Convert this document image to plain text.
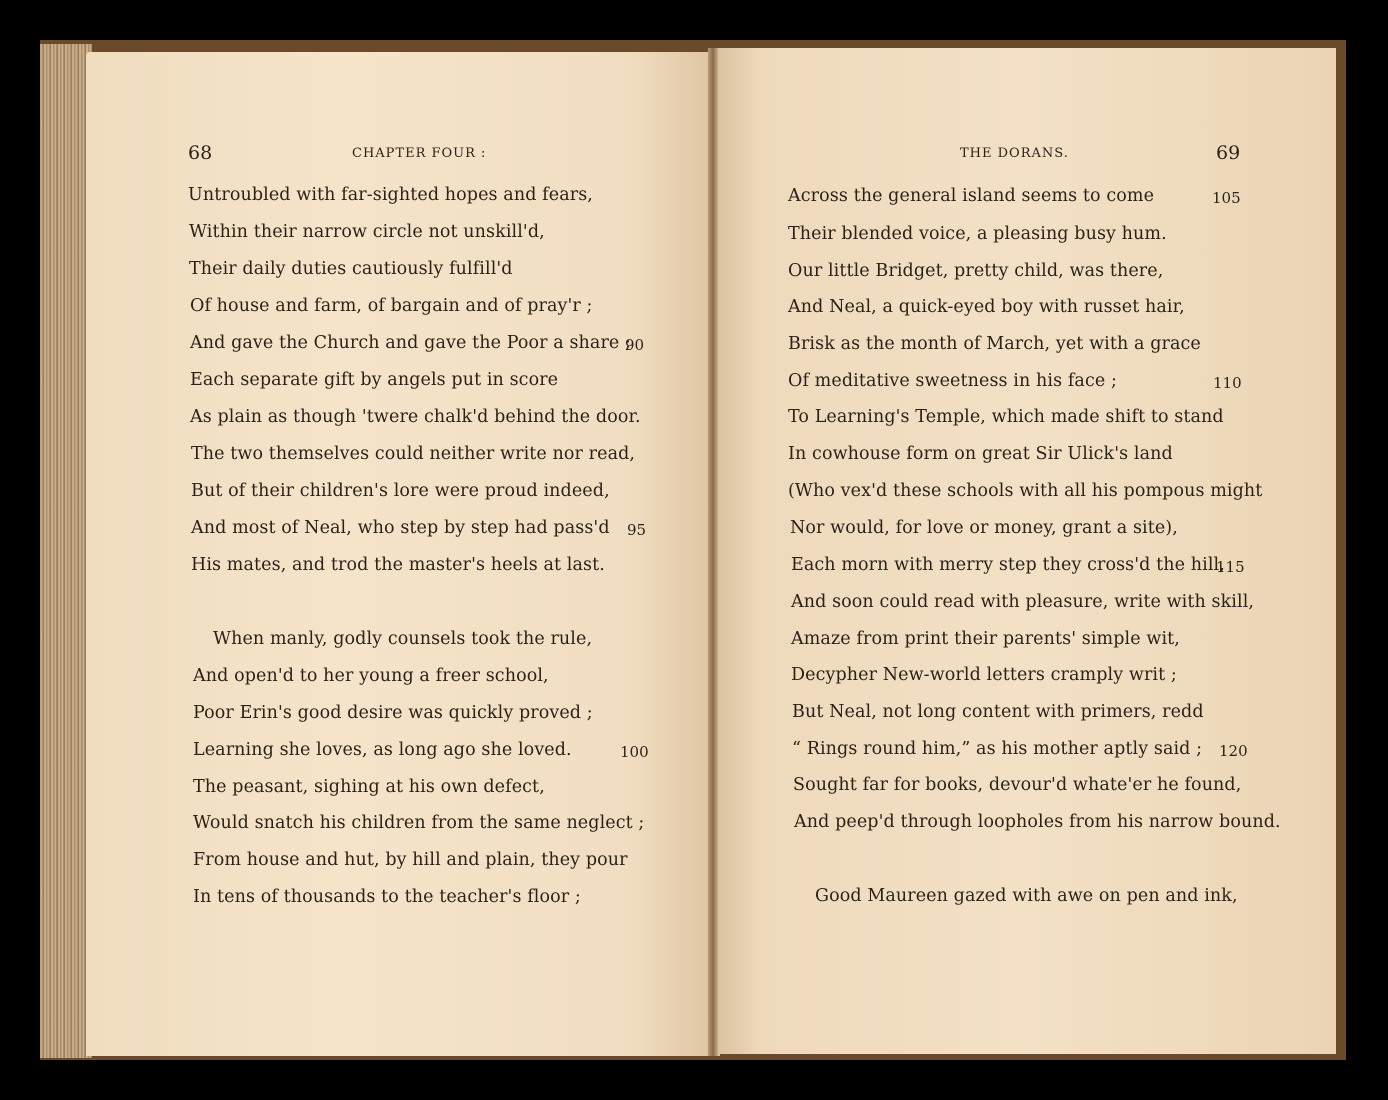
68	CHAPTER FOUR :	THE DORANS.	69
Untroubled with far-sighted hopes and fears,
Within their narrow circle not unskill'd,
Their daily duties cautiously fulfill'd
Of house and farm, of bargain and of pray'r ;
And gave the Church and gave the Poor a share ;
90
Each separate gift by angels put in score
As plain as though 'twere chalk'd behind the door.
The two themselves could neither write nor read,
But of their children's lore were proud indeed,
And most of Neal, who step by step had pass'd 95
His mates, and trod the master's heels at last.
When manly, godly counsels took the rule,
And open'd to her young a freer school,
Poor Erin's good desire was quickly proved ;
Learning she loves, as long ago she loved.	100
The peasant, sighing at his own defect,
Would snatch his children from the same neglect ;
From house and hut, by hill and plain, they pour
In tens of thousands to the teacher's floor ;
Across the general island seems to come	105
Their blended voice, a pleasing busy hum.
Our little Bridget, pretty child, was there,
And Neal, a quick-eyed boy with russet hair,
Brisk as the month of March, yet with a grace
Of meditative sweetness in his face ;	110
To Learning's Temple, which made shift to stand
In cowhouse form on great Sir Ulick's land
(Who vex'd these schools with all his pompous might
Nor would, for love or money, grant a site),
Each morn with merry step they cross'd the hill,
115
And soon could read with pleasure, write with skill,
Amaze from print their parents' simple wit,
Decypher New-world letters cramply writ ;
But Neal, not long content with primers, redd
“ Rings round him,” as his mother aptly said ; 120
Sought far for books, devour'd whate'er he found,
And peep'd through loopholes from his narrow bound.
Good Maureen gazed with awe on pen and ink,
